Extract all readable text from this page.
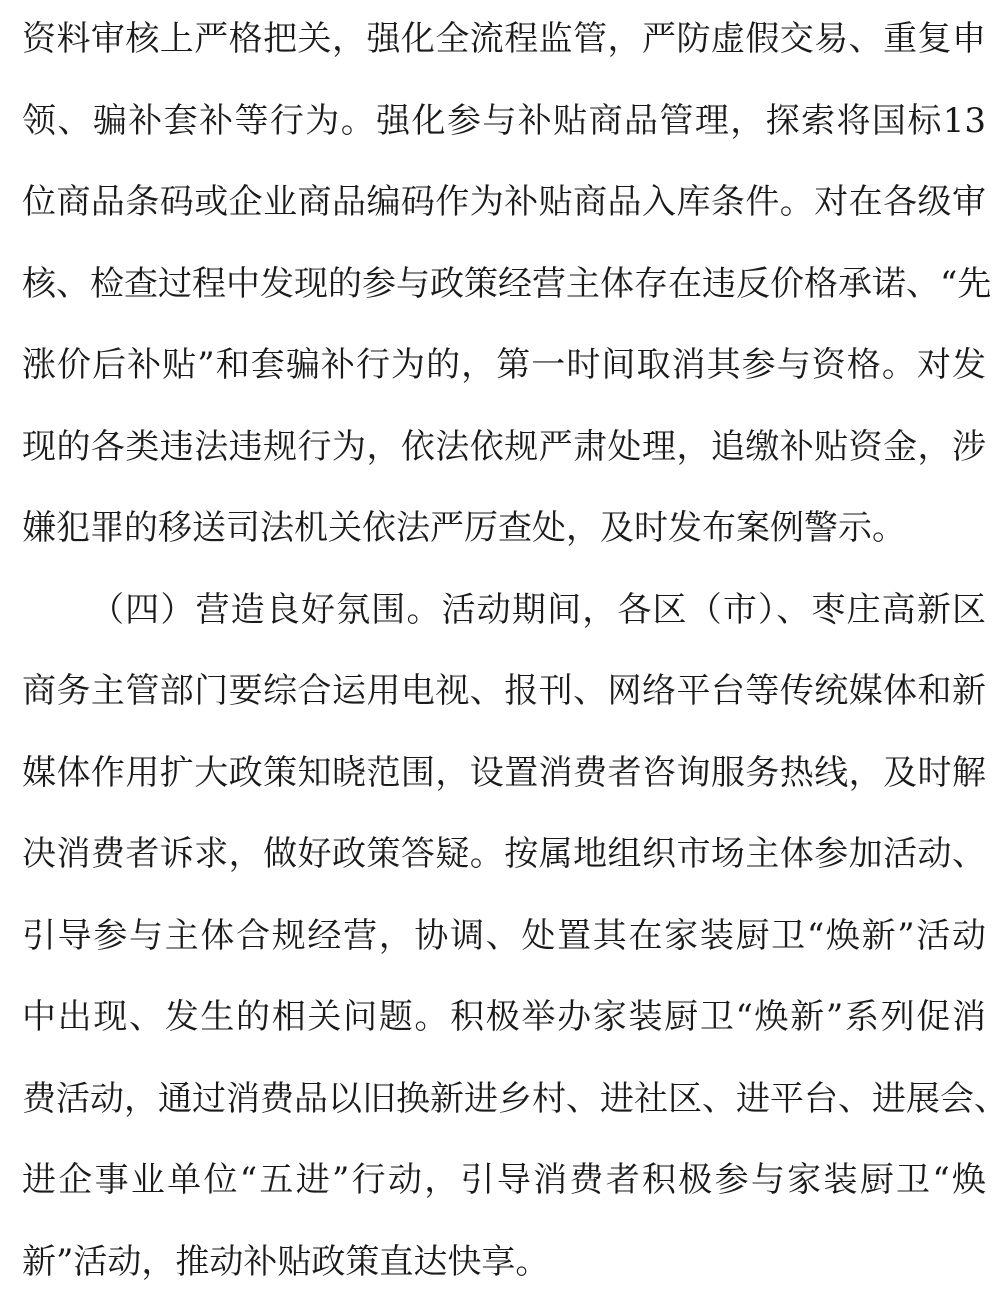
资料审核上严格把关，强化全流程监管，严防虚假交易、重复申
领、骗补套补等行为。强化参与补贴商品管理，探索将国标13
位商品条码或企业商品编码作为补贴商品入库条件。对在各级审
核、检查过程中发现的参与政策经营主体存在违反价格承诺、“先
涨价后补贴”和套骗补行为的，第一时间取消其参与资格。对发
现的各类违法违规行为，依法依规严肃处理，追缴补贴资金，涉
嫌犯罪的移送司法机关依法严厉查处，及时发布案例警示。
（四）营造良好氛围。活动期间，各区（市）、枣庄高新区
商务主管部门要综合运用电视、报刊、网络平台等传统媒体和新
媒体作用扩大政策知晓范围，设置消费者咨询服务热线，及时解
决消费者诉求，做好政策答疑。按属地组织市场主体参加活动、
引导参与主体合规经营，协调、处置其在家装厨卫“焕新”活动
中出现、发生的相关问题。积极举办家装厨卫“焕新”系列促消
费活动，通过消费品以旧换新进乡村、进社区、进平台、进展会、
进企事业单位“五进”行动，引导消费者积极参与家装厨卫“焕
新”活动，推动补贴政策直达快享。
